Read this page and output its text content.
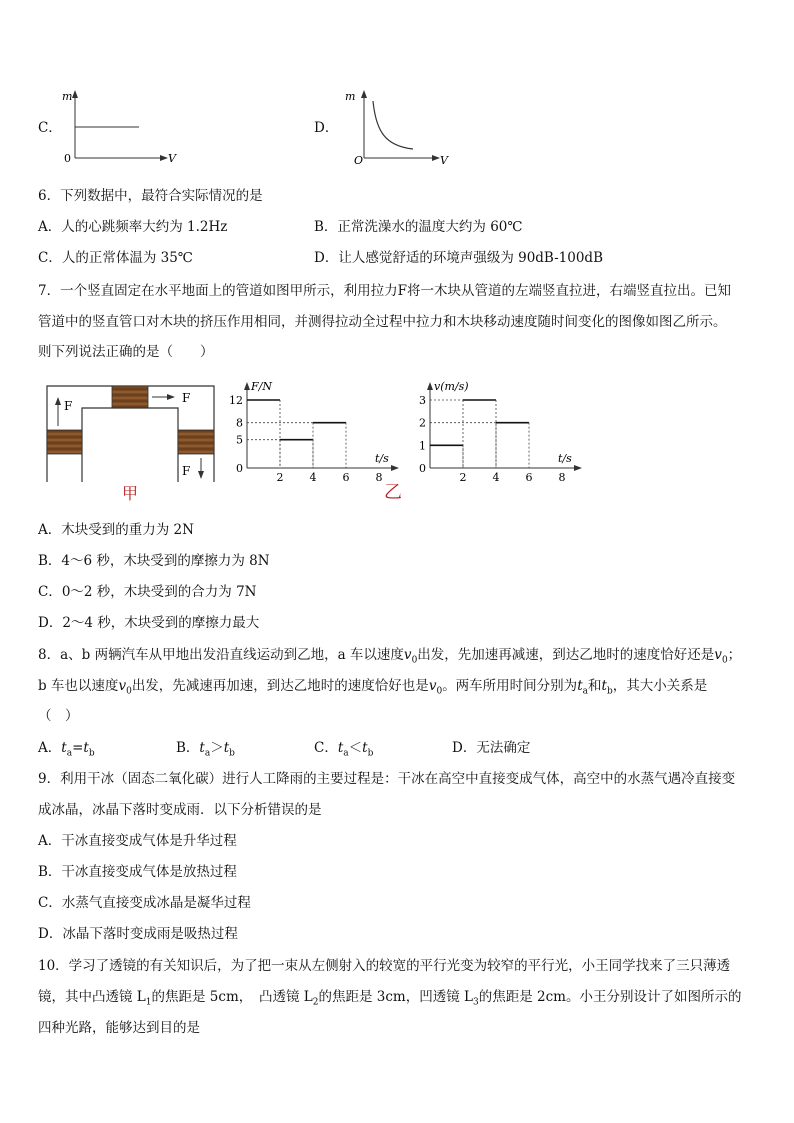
C．
m
0	V
D．
m
O	V
6．下列数据中，最符合实际情况的是
A．人的心跳频率大约为 1.2Hz	B．正常洗澡水的温度大约为 60℃
C．人的正常体温为 35℃	D．让人感觉舒适的环境声强级为 90dB-100dB
7．一个竖直固定在水平地面上的管道如图甲所示，利用拉力F将一木块从管道的左端竖直拉进，右端竖直拉出。已知
管道中的竖直管口对木块的挤压作用相同，并测得拉动全过程中拉力和木块移动速度随时间变化的图像如图乙所示。
则下列说法正确的是（　　）
F
F
F
甲
F/N
t/s
12
8
5
0
2 4 6 8
v(m/s)
t/s
3
2
1
0
2 4 6 8
乙
A．木块受到的重力为 2N
B．4～6 秒，木块受到的摩擦力为 8N
C．0～2 秒，木块受到的合力为 7N
D．2～4 秒，木块受到的摩擦力最大
8．a、b 两辆汽车从甲地出发沿直线运动到乙地，a 车以速度$v_0$出发，先加速再减速，到达乙地时的速度恰好还是$v_0$；
b 车也以速度$v_0$出发，先减速再加速，到达乙地时的速度恰好也是$v_0$。两车所用时间分别为$t_a$和$t_b$，其大小关系是
（　）
A．$t_a=t_b$	B．$t_a>t_b$	C．$t_a<t_b$	D．无法确定
9．利用干冰（固态二氧化碳）进行人工降雨的主要过程是：干冰在高空中直接变成气体，高空中的水蒸气遇冷直接变
成冰晶，冰晶下落时变成雨．以下分析错误的是
A．干冰直接变成气体是升华过程
B．干冰直接变成气体是放热过程
C．水蒸气直接变成冰晶是凝华过程
D．冰晶下落时变成雨是吸热过程
10．学习了透镜的有关知识后，为了把一束从左侧射入的较宽的平行光变为较窄的平行光，小王同学找来了三只薄透
镜，其中凸透镜 $L_1$的焦距是 5cm，　凸透镜 $L_2$的焦距是 3cm，凹透镜 $L_3$的焦距是 2cm。小王分别设计了如图所示的
四种光路，能够达到目的是
